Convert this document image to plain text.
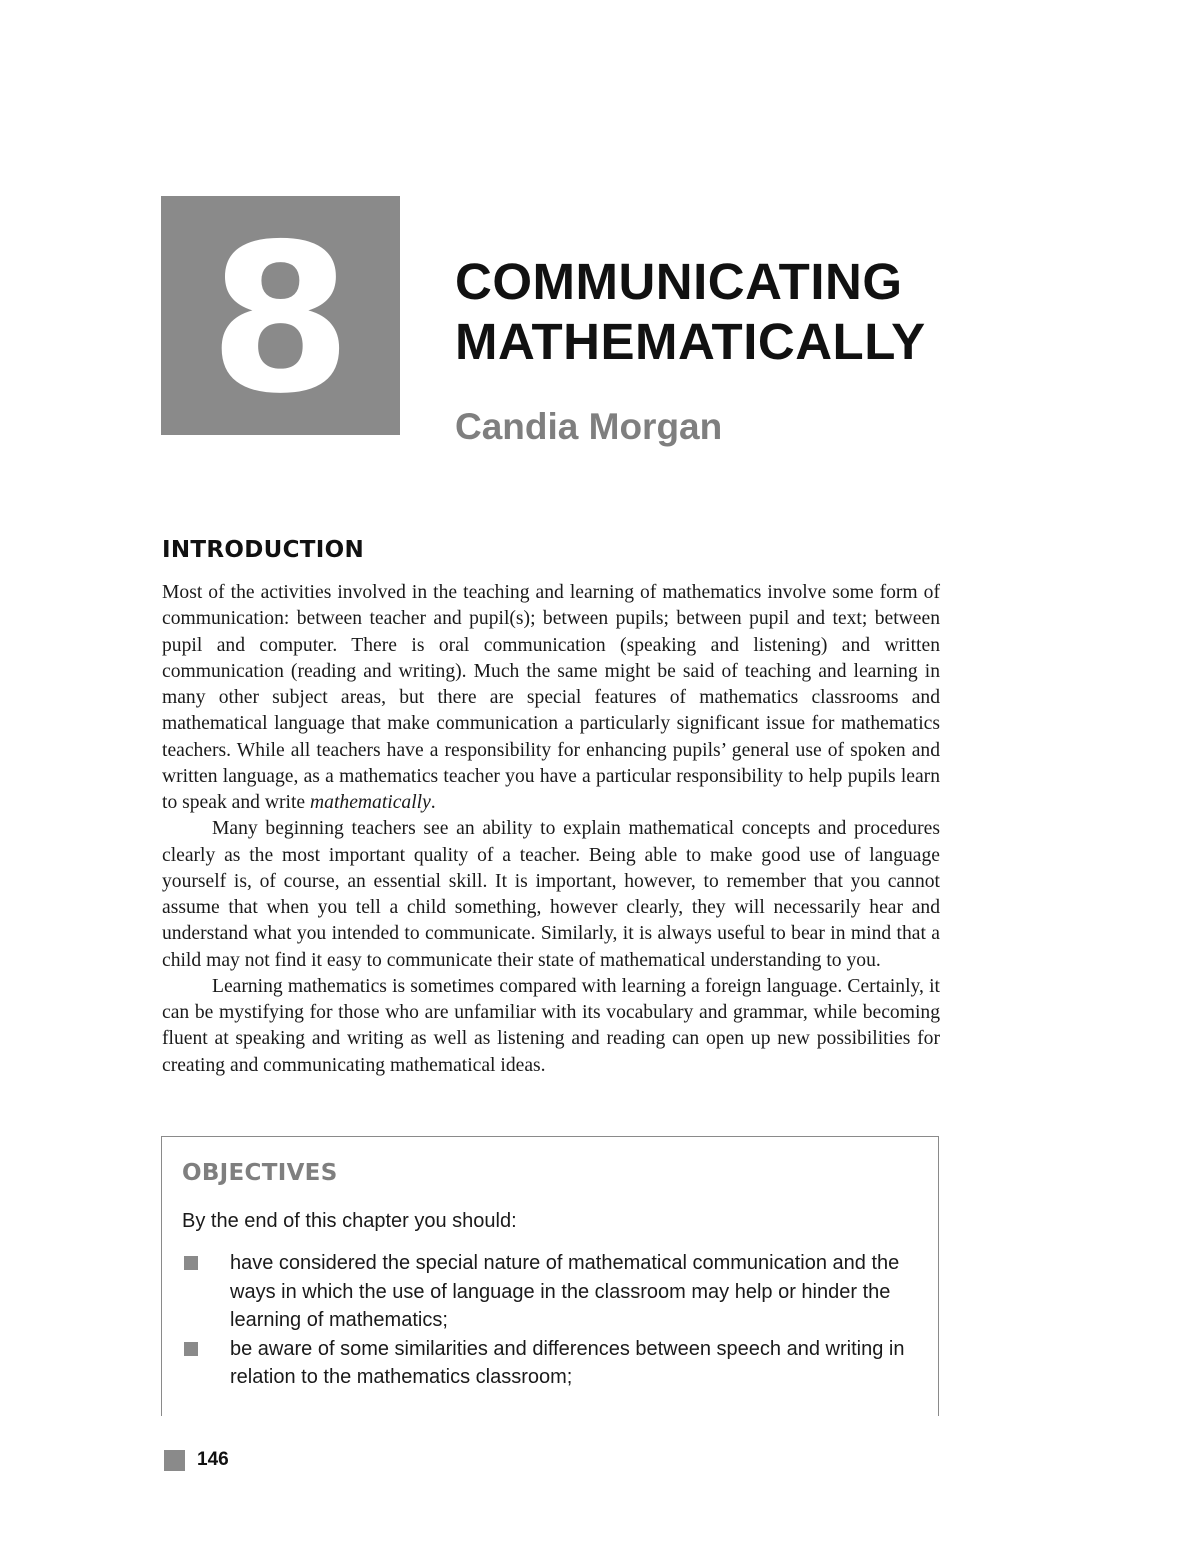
8	COMMUNICATING
MATHEMATICALLY
Candia Morgan
INTRODUCTION

Most of the activities involved in the teaching and learning of mathematics involve some form of communication: between teacher and pupil(s); between pupils; between pupil and text; between pupil and computer. There is oral communication (speaking and listening) and written communication (reading and writing). Much the same might be said of teaching and learning in many other subject areas, but there are special features of mathematics classrooms and mathematical language that make communication a particularly significant issue for mathematics teachers. While all teachers have a responsibility for enhancing pupils’ general use of spoken and written language, as a mathematics teacher you have a particular responsibility to help pupils learn to speak and write mathematically.

Many beginning teachers see an ability to explain mathematical concepts and procedures clearly as the most important quality of a teacher. Being able to make good use of language yourself is, of course, an essential skill. It is important, however, to remember that you cannot assume that when you tell a child something, however clearly, they will necessarily hear and understand what you intended to communicate. Similarly, it is always useful to bear in mind that a child may not find it easy to communicate their state of mathematical understanding to you.

Learning mathematics is sometimes compared with learning a foreign language. Certainly, it can be mystifying for those who are unfamiliar with its vocabulary and grammar, while becoming fluent at speaking and writing as well as listening and reading can open up new possibilities for creating and communicating mathematical ideas.

OBJECTIVES
By the end of this chapter you should:
have considered the special nature of mathematical communication and the ways in which the use of language in the classroom may help or hinder the learning of mathematics;
be aware of some similarities and differences between speech and writing in relation to the mathematics classroom;
146
